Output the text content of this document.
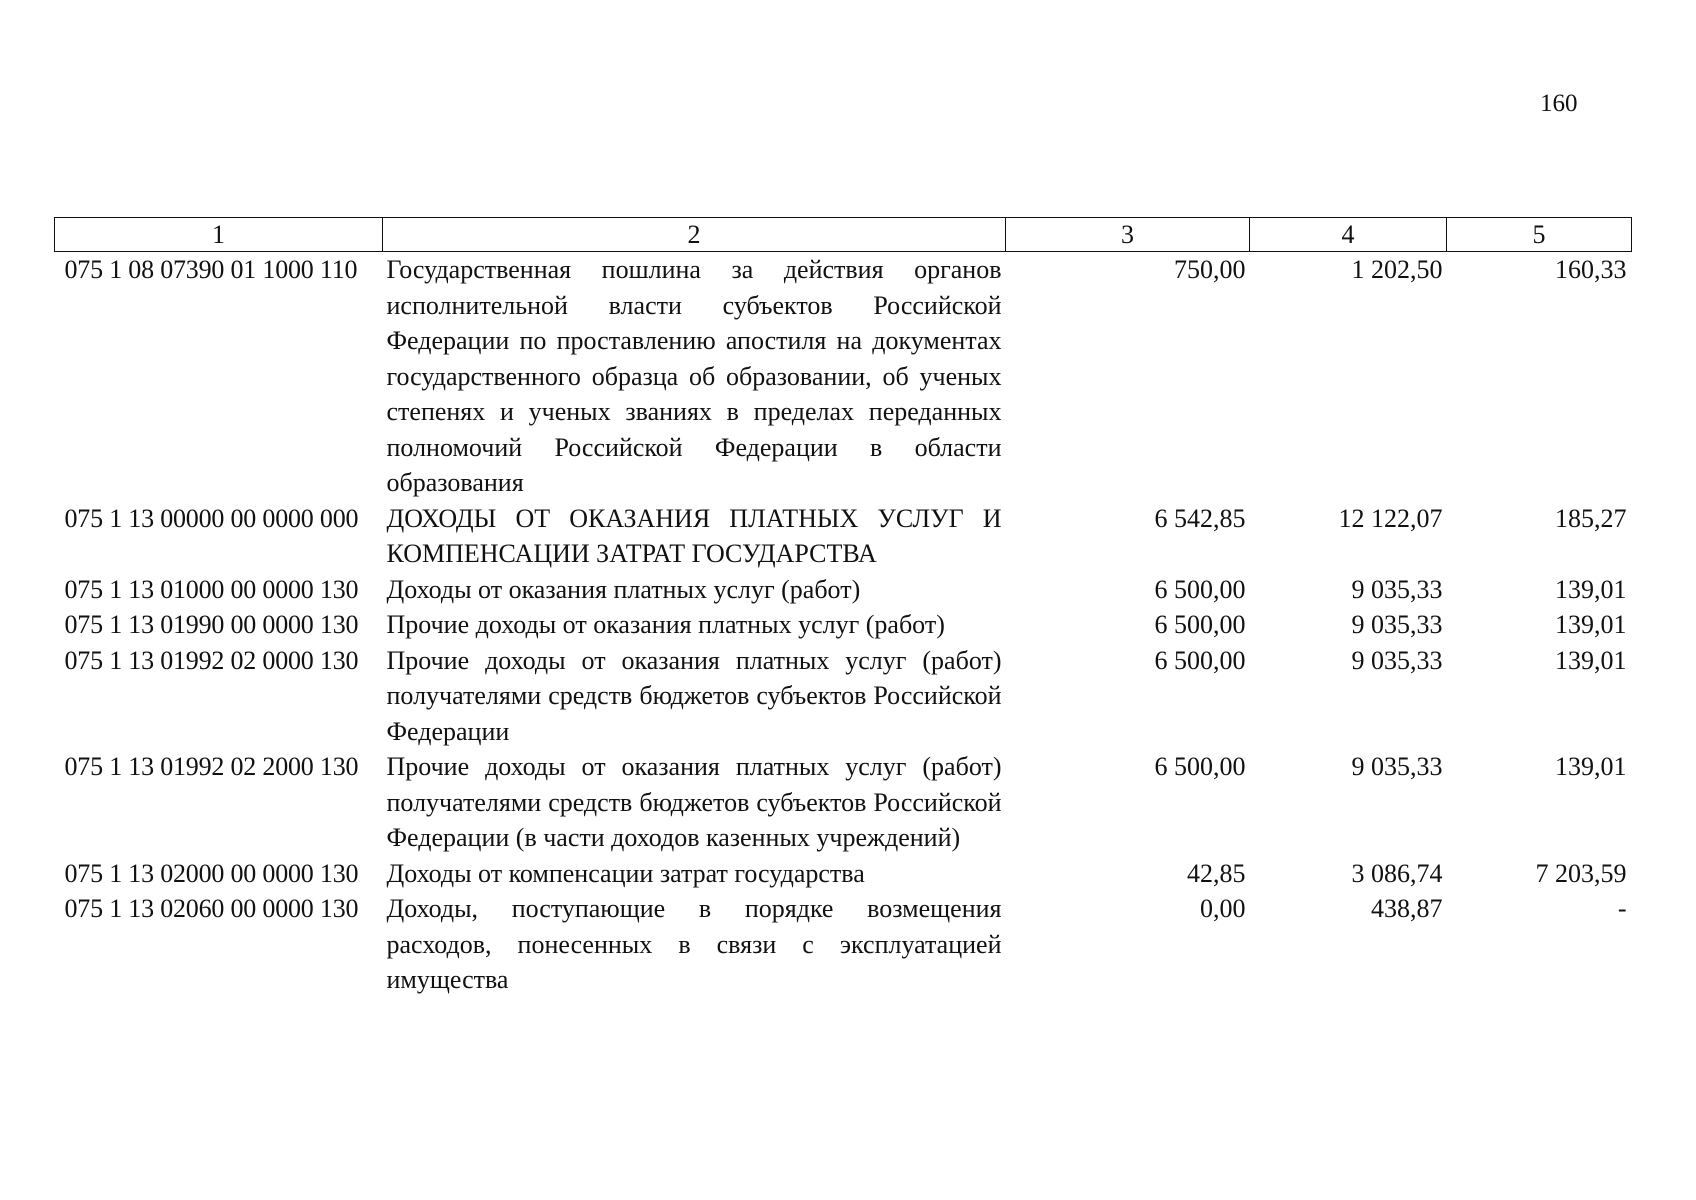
160
1	2	3	4	5
075 1 08 07390 01 1000 110	Государственная пошлина за действия органов исполнительной власти субъектов Российской Федерации по проставлению апостиля на документах государственного образца об образовании, об ученых степенях и ученых званиях в пределах переданных полномочий Российской Федерации в области образования	750,00	1 202,50	160,33
075 1 13 00000 00 0000 000	ДОХОДЫ ОТ ОКАЗАНИЯ ПЛАТНЫХ УСЛУГ И КОМПЕНСАЦИИ ЗАТРАТ ГОСУДАРСТВА	6 542,85	12 122,07	185,27
075 1 13 01000 00 0000 130	Доходы от оказания платных услуг (работ)	6 500,00	9 035,33	139,01
075 1 13 01990 00 0000 130	Прочие доходы от оказания платных услуг (работ)	6 500,00	9 035,33	139,01
075 1 13 01992 02 0000 130	Прочие доходы от оказания платных услуг (работ) получателями средств бюджетов субъектов Российской Федерации	6 500,00	9 035,33	139,01
075 1 13 01992 02 2000 130	Прочие доходы от оказания платных услуг (работ) получателями средств бюджетов субъектов Российской Федерации (в части доходов казенных учреждений)	6 500,00	9 035,33	139,01
075 1 13 02000 00 0000 130	Доходы от компенсации затрат государства	42,85	3 086,74	7 203,59
075 1 13 02060 00 0000 130	Доходы, поступающие в порядке возмещения расходов, понесенных в связи с эксплуатацией имущества	0,00	438,87	-
